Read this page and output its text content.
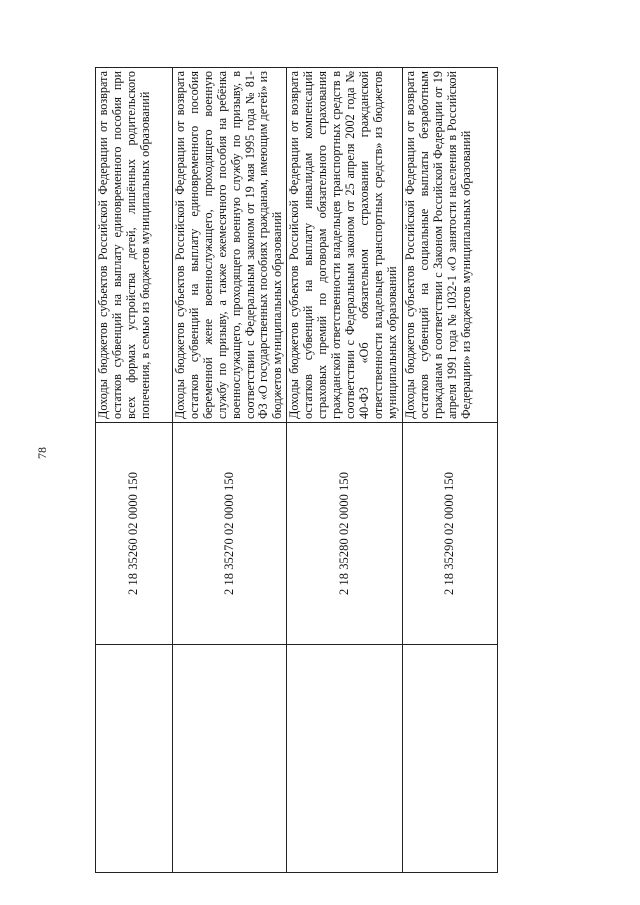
78
	2 18 35260 02 0000 150	Доходы бюджетов субъектов Российской Федерации от возврата остатков субвенций на выплату единовременного пособия при всех формах устройства детей, лишённых родительского попечения, в семью из бюджетов муниципальных образований
	2 18 35270 02 0000 150	Доходы бюджетов субъектов Российской Федерации от возврата остатков субвенций на выплату единовременного пособия беременной жене военнослужащего, проходящего военную службу по призыву, а также ежемесячного пособия на ребёнка военнослужащего, проходящего военную службу по призыву, в соответствии с Федеральным законом от 19 мая 1995 года № 81-ФЗ «О государственных пособиях гражданам, имеющим детей» из бюджетов муниципальных образований
	2 18 35280 02 0000 150	Доходы бюджетов субъектов Российской Федерации от возврата остатков субвенций на выплату инвалидам компенсаций страховых премий по договорам обязательного страхования гражданской ответственности владельцев транспортных средств в соответствии с Федеральным законом от 25 апреля 2002 года № 40-ФЗ «Об обязательном страховании гражданской ответственности владельцев транспортных средств» из бюджетов муниципальных образований
	2 18 35290 02 0000 150	Доходы бюджетов субъектов Российской Федерации от возврата остатков субвенций на социальные выплаты безработным гражданам в соответствии с Законом Российской Федерации от 19 апреля 1991 года № 1032-1 «О занятости населения в Российской Федерации» из бюджетов муниципальных образований
